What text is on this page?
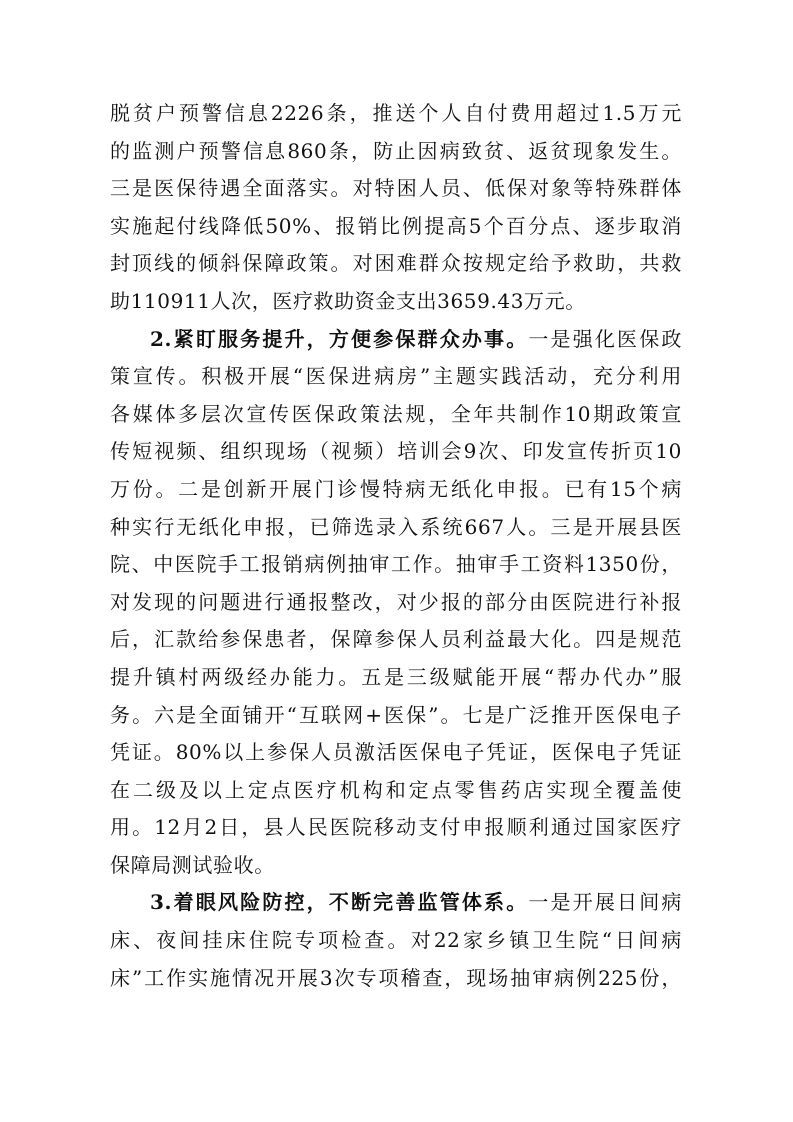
脱贫户预警信息2226条，推送个人自付费用超过1.5万元
的监测户预警信息860条，防止因病致贫、返贫现象发生。
三是医保待遇全面落实。对特困人员、低保对象等特殊群体
实施起付线降低50%、报销比例提高5个百分点、逐步取消
封顶线的倾斜保障政策。对困难群众按规定给予救助，共救
助110911人次，医疗救助资金支出3659.43万元。
2.紧盯服务提升，方便参保群众办事。一是强化医保政
策宣传。积极开展“医保进病房”主题实践活动，充分利用
各媒体多层次宣传医保政策法规，全年共制作10期政策宣
传短视频、组织现场（视频）培训会9次、印发宣传折页10
万份。二是创新开展门诊慢特病无纸化申报。已有15个病
种实行无纸化申报，已筛选录入系统667人。三是开展县医
院、中医院手工报销病例抽审工作。抽审手工资料1350份，
对发现的问题进行通报整改，对少报的部分由医院进行补报
后，汇款给参保患者，保障参保人员利益最大化。四是规范
提升镇村两级经办能力。五是三级赋能开展“帮办代办”服
务。六是全面铺开“互联网+医保”。七是广泛推开医保电子
凭证。80%以上参保人员激活医保电子凭证，医保电子凭证
在二级及以上定点医疗机构和定点零售药店实现全覆盖使
用。12月2日，县人民医院移动支付申报顺利通过国家医疗
保障局测试验收。
3.着眼风险防控，不断完善监管体系。一是开展日间病
床、夜间挂床住院专项检查。对22家乡镇卫生院“日间病
床”工作实施情况开展3次专项稽查，现场抽审病例225份，
